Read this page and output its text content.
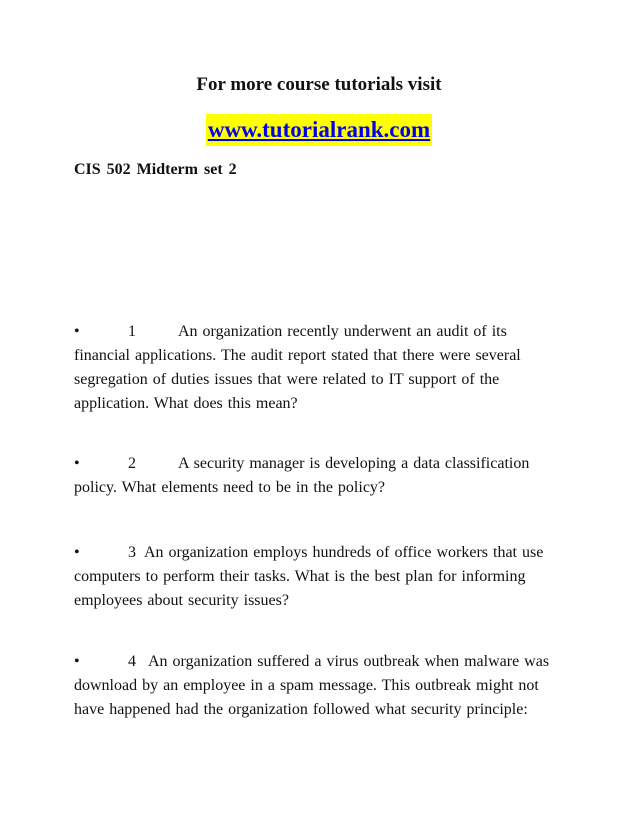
For more course tutorials visit
www.tutorialrank.com
CIS 502 Midterm set 2
•	1	An organization recently underwent an audit of its financial applications. The audit report stated that there were several segregation of duties issues that were related to IT support of the application. What does this mean?
•	2	A security manager is developing a data classification policy. What elements need to be in the policy?
•	3 An organization employs hundreds of office workers that use computers to perform their tasks. What is the best plan for informing employees about security issues?
•	4 An organization suffered a virus outbreak when malware was download by an employee in a spam message. This outbreak might not have happened had the organization followed what security principle:
